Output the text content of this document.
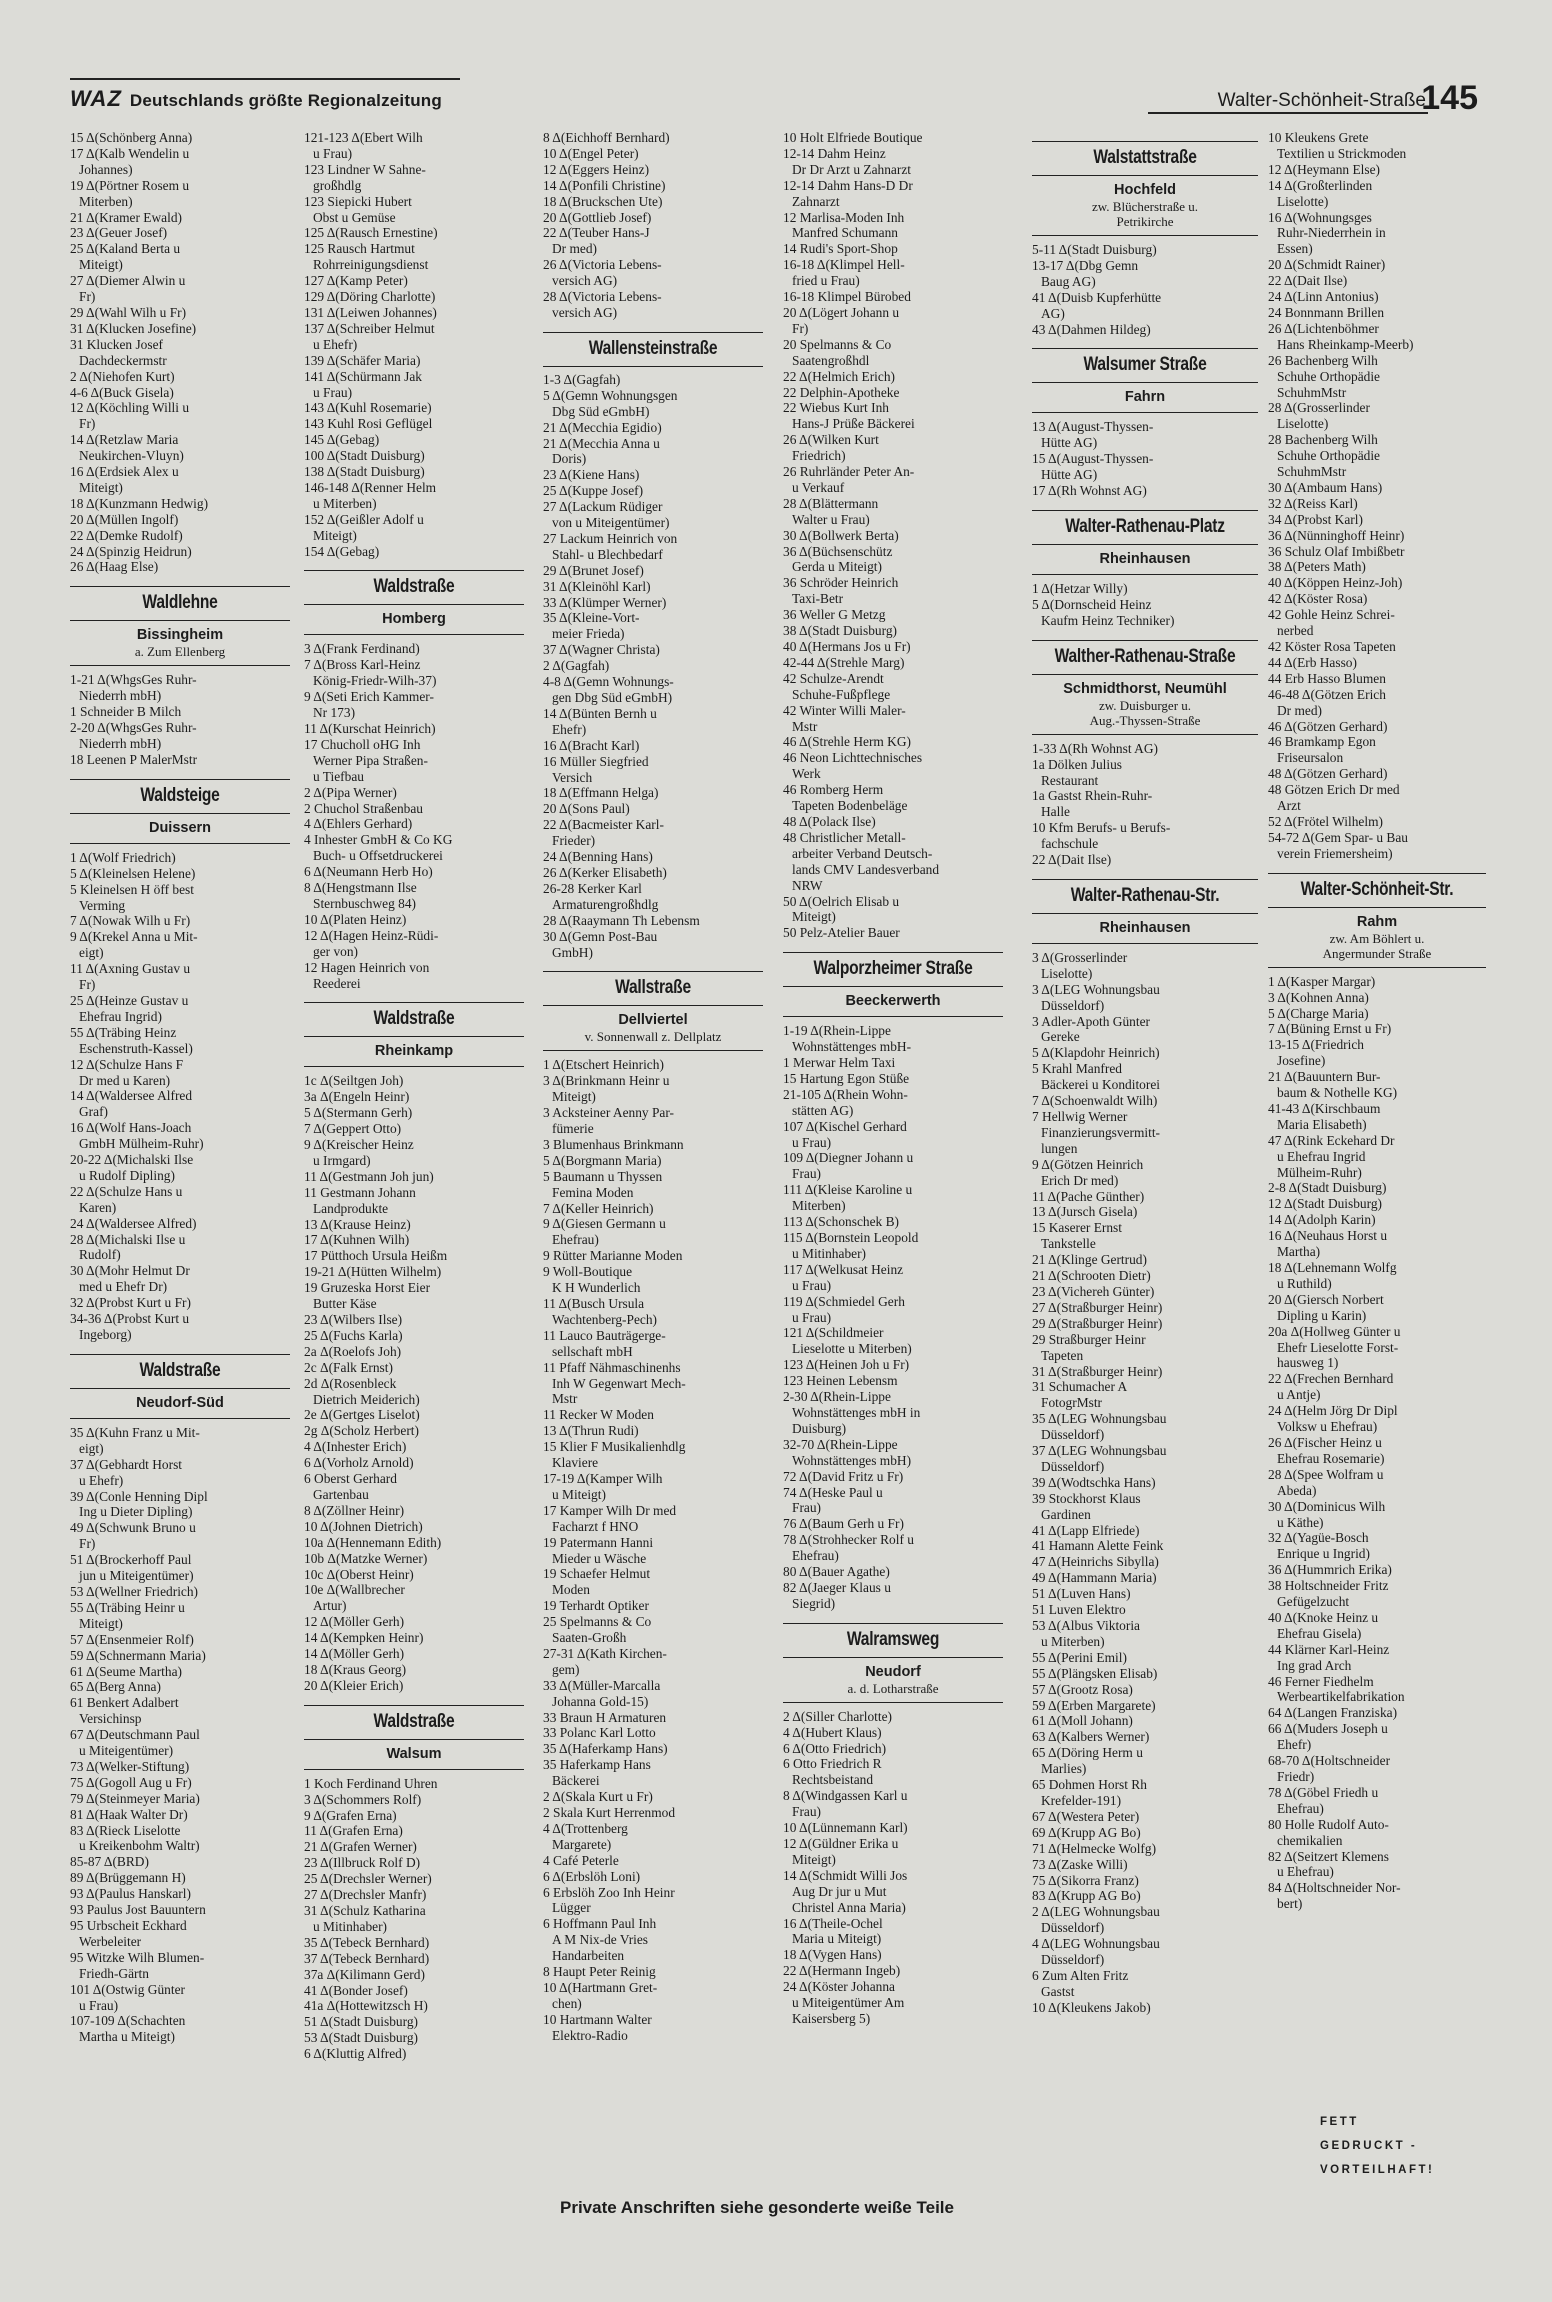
WAZ Deutschlands größte Regionalzeitung	Walter-Schönheit-Straße
145
15 Δ(Schönberg Anna)
17 Δ(Kalb Wendelin u
Johannes)
19 Δ(Pörtner Rosem u
Miterben)
21 Δ(Kramer Ewald)
23 Δ(Geuer Josef)
25 Δ(Kaland Berta u
Miteigt)
27 Δ(Diemer Alwin u
Fr)
29 Δ(Wahl Wilh u Fr)
31 Δ(Klucken Josefine)
31 Klucken Josef
Dachdeckermstr
2 Δ(Niehofen Kurt)
4-6 Δ(Buck Gisela)
12 Δ(Köchling Willi u
Fr)
14 Δ(Retzlaw Maria
Neukirchen-Vluyn)
16 Δ(Erdsiek Alex u
Miteigt)
18 Δ(Kunzmann Hedwig)
20 Δ(Müllen Ingolf)
22 Δ(Demke Rudolf)
24 Δ(Spinzig Heidrun)
26 Δ(Haag Else)
Waldlehne
Bissingheim
a. Zum Ellenberg
1-21 Δ(WhgsGes Ruhr-
Niederrh mbH)
1 Schneider B Milch
2-20 Δ(WhgsGes Ruhr-
Niederrh mbH)
18 Leenen P MalerMstr
Waldsteige
Duissern
1 Δ(Wolf Friedrich)
5 Δ(Kleinelsen Helene)
5 Kleinelsen H öff best
Verming
7 Δ(Nowak Wilh u Fr)
9 Δ(Krekel Anna u Mit-
eigt)
11 Δ(Axning Gustav u
Fr)
25 Δ(Heinze Gustav u
Ehefrau Ingrid)
55 Δ(Träbing Heinz
Eschenstruth-Kassel)
12 Δ(Schulze Hans F
Dr med u Karen)
14 Δ(Waldersee Alfred
Graf)
16 Δ(Wolf Hans-Joach
GmbH Mülheim-Ruhr)
20-22 Δ(Michalski Ilse
u Rudolf Dipling)
22 Δ(Schulze Hans u
Karen)
24 Δ(Waldersee Alfred)
28 Δ(Michalski Ilse u
Rudolf)
30 Δ(Mohr Helmut Dr
med u Ehefr Dr)
32 Δ(Probst Kurt u Fr)
34-36 Δ(Probst Kurt u
Ingeborg)
Waldstraße
Neudorf-Süd
35 Δ(Kuhn Franz u Mit-
eigt)
37 Δ(Gebhardt Horst
u Ehefr)
39 Δ(Conle Henning Dipl
Ing u Dieter Dipling)
49 Δ(Schwunk Bruno u
Fr)
51 Δ(Brockerhoff Paul
jun u Miteigentümer)
53 Δ(Wellner Friedrich)
55 Δ(Träbing Heinr u
Miteigt)
57 Δ(Ensenmeier Rolf)
59 Δ(Schnermann Maria)
61 Δ(Seume Martha)
65 Δ(Berg Anna)
61 Benkert Adalbert
Versichinsp
67 Δ(Deutschmann Paul
u Miteigentümer)
73 Δ(Welker-Stiftung)
75 Δ(Gogoll Aug u Fr)
79 Δ(Steinmeyer Maria)
81 Δ(Haak Walter Dr)
83 Δ(Rieck Liselotte
u Kreikenbohm Waltr)
85-87 Δ(BRD)
89 Δ(Brüggemann H)
93 Δ(Paulus Hanskarl)
93 Paulus Jost Bauuntern
95 Urbscheit Eckhard
Werbeleiter
95 Witzke Wilh Blumen-
Friedh-Gärtn
101 Δ(Ostwig Günter
u Frau)
107-109 Δ(Schachten
Martha u Miteigt)
121-123 Δ(Ebert Wilh
u Frau)
123 Lindner W Sahne-
großhdlg
123 Siepicki Hubert
Obst u Gemüse
125 Δ(Rausch Ernestine)
125 Rausch Hartmut
Rohrreinigungsdienst
127 Δ(Kamp Peter)
129 Δ(Döring Charlotte)
131 Δ(Leiwen Johannes)
137 Δ(Schreiber Helmut
u Ehefr)
139 Δ(Schäfer Maria)
141 Δ(Schürmann Jak
u Frau)
143 Δ(Kuhl Rosemarie)
143 Kuhl Rosi Geflügel
145 Δ(Gebag)
100 Δ(Stadt Duisburg)
138 Δ(Stadt Duisburg)
146-148 Δ(Renner Helm
u Miterben)
152 Δ(Geißler Adolf u
Miteigt)
154 Δ(Gebag)
Waldstraße
Homberg
3 Δ(Frank Ferdinand)
7 Δ(Bross Karl-Heinz
König-Friedr-Wilh-37)
9 Δ(Seti Erich Kammer-
Nr 173)
11 Δ(Kurschat Heinrich)
17 Chucholl oHG Inh
Werner Pipa Straßen-
u Tiefbau
2 Δ(Pipa Werner)
2 Chuchol Straßenbau
4 Δ(Ehlers Gerhard)
4 Inhester GmbH & Co KG
Buch- u Offsetdruckerei
6 Δ(Neumann Herb Ho)
8 Δ(Hengstmann Ilse
Sternbuschweg 84)
10 Δ(Platen Heinz)
12 Δ(Hagen Heinz-Rüdi-
ger von)
12 Hagen Heinrich von
Reederei
Waldstraße
Rheinkamp
1c Δ(Seiltgen Joh)
3a Δ(Engeln Heinr)
5 Δ(Stermann Gerh)
7 Δ(Geppert Otto)
9 Δ(Kreischer Heinz
u Irmgard)
11 Δ(Gestmann Joh jun)
11 Gestmann Johann
Landprodukte
13 Δ(Krause Heinz)
17 Δ(Kuhnen Wilh)
17 Pütthoch Ursula Heißm
19-21 Δ(Hütten Wilhelm)
19 Gruzeska Horst Eier
Butter Käse
23 Δ(Wilbers Ilse)
25 Δ(Fuchs Karla)
2a Δ(Roelofs Joh)
2c Δ(Falk Ernst)
2d Δ(Rosenbleck
Dietrich Meiderich)
2e Δ(Gertges Liselot)
2g Δ(Scholz Herbert)
4 Δ(Inhester Erich)
6 Δ(Vorholz Arnold)
6 Oberst Gerhard
Gartenbau
8 Δ(Zöllner Heinr)
10 Δ(Johnen Dietrich)
10a Δ(Hennemann Edith)
10b Δ(Matzke Werner)
10c Δ(Oberst Heinr)
10e Δ(Wallbrecher
Artur)
12 Δ(Möller Gerh)
14 Δ(Kempken Heinr)
14 Δ(Möller Gerh)
18 Δ(Kraus Georg)
20 Δ(Kleier Erich)
Waldstraße
Walsum
1 Koch Ferdinand Uhren
3 Δ(Schommers Rolf)
9 Δ(Grafen Erna)
11 Δ(Grafen Erna)
21 Δ(Grafen Werner)
23 Δ(Illbruck Rolf D)
25 Δ(Drechsler Werner)
27 Δ(Drechsler Manfr)
31 Δ(Schulz Katharina
u Mitinhaber)
35 Δ(Tebeck Bernhard)
37 Δ(Tebeck Bernhard)
37a Δ(Kilimann Gerd)
41 Δ(Bonder Josef)
41a Δ(Hottewitzsch H)
51 Δ(Stadt Duisburg)
53 Δ(Stadt Duisburg)
6 Δ(Kluttig Alfred)
8 Δ(Eichhoff Bernhard)
10 Δ(Engel Peter)
12 Δ(Eggers Heinz)
14 Δ(Ponfili Christine)
18 Δ(Bruckschen Ute)
20 Δ(Gottlieb Josef)
22 Δ(Teuber Hans-J
Dr med)
26 Δ(Victoria Lebens-
versich AG)
28 Δ(Victoria Lebens-
versich AG)
Wallensteinstraße
1-3 Δ(Gagfah)
5 Δ(Gemn Wohnungsgen
Dbg Süd eGmbH)
21 Δ(Mecchia Egidio)
21 Δ(Mecchia Anna u
Doris)
23 Δ(Kiene Hans)
25 Δ(Kuppe Josef)
27 Δ(Lackum Rüdiger
von u Miteigentümer)
27 Lackum Heinrich von
Stahl- u Blechbedarf
29 Δ(Brunet Josef)
31 Δ(Kleinöhl Karl)
33 Δ(Klümper Werner)
35 Δ(Kleine-Vort-
meier Frieda)
37 Δ(Wagner Christa)
2 Δ(Gagfah)
4-8 Δ(Gemn Wohnungs-
gen Dbg Süd eGmbH)
14 Δ(Bünten Bernh u
Ehefr)
16 Δ(Bracht Karl)
16 Müller Siegfried
Versich
18 Δ(Effmann Helga)
20 Δ(Sons Paul)
22 Δ(Bacmeister Karl-
Frieder)
24 Δ(Benning Hans)
26 Δ(Kerker Elisabeth)
26-28 Kerker Karl
Armaturengroßhdlg
28 Δ(Raaymann Th Lebensm
30 Δ(Gemn Post-Bau
GmbH)
Wallstraße
Dellviertel
v. Sonnenwall z. Dellplatz
1 Δ(Etschert Heinrich)
3 Δ(Brinkmann Heinr u
Miteigt)
3 Acksteiner Aenny Par-
fümerie
3 Blumenhaus Brinkmann
5 Δ(Borgmann Maria)
5 Baumann u Thyssen
Femina Moden
7 Δ(Keller Heinrich)
9 Δ(Giesen Germann u
Ehefrau)
9 Rütter Marianne Moden
9 Woll-Boutique
K H Wunderlich
11 Δ(Busch Ursula
Wachtenberg-Pech)
11 Lauco Bauträgerge-
sellschaft mbH
11 Pfaff Nähmaschinenhs
Inh W Gegenwart Mech-
Mstr
11 Recker W Moden
13 Δ(Thrun Rudi)
15 Klier F Musikalienhdlg
Klaviere
17-19 Δ(Kamper Wilh
u Miteigt)
17 Kamper Wilh Dr med
Facharzt f HNO
19 Patermann Hanni
Mieder u Wäsche
19 Schaefer Helmut
Moden
19 Terhardt Optiker
25 Spelmanns & Co
Saaten-Großh
27-31 Δ(Kath Kirchen-
gem)
33 Δ(Müller-Marcalla
Johanna Gold-15)
33 Braun H Armaturen
33 Polanc Karl Lotto
35 Δ(Haferkamp Hans)
35 Haferkamp Hans
Bäckerei
2 Δ(Skala Kurt u Fr)
2 Skala Kurt Herrenmod
4 Δ(Trottenberg
Margarete)
4 Café Peterle
6 Δ(Erbslöh Loni)
6 Erbslöh Zoo Inh Heinr
Lügger
6 Hoffmann Paul Inh
A M Nix-de Vries
Handarbeiten
8 Haupt Peter Reinig
10 Δ(Hartmann Gret-
chen)
10 Hartmann Walter
Elektro-Radio
10 Holt Elfriede Boutique
12-14 Dahm Heinz
Dr Dr Arzt u Zahnarzt
12-14 Dahm Hans-D Dr
Zahnarzt
12 Marlisa-Moden Inh
Manfred Schumann
14 Rudi's Sport-Shop
16-18 Δ(Klimpel Hell-
fried u Frau)
16-18 Klimpel Bürobed
20 Δ(Lögert Johann u
Fr)
20 Spelmanns & Co
Saatengroßhdl
22 Δ(Helmich Erich)
22 Delphin-Apotheke
22 Wiebus Kurt Inh
Hans-J Prüße Bäckerei
26 Δ(Wilken Kurt
Friedrich)
26 Ruhrländer Peter An-
u Verkauf
28 Δ(Blättermann
Walter u Frau)
30 Δ(Bollwerk Berta)
36 Δ(Büchsenschütz
Gerda u Miteigt)
36 Schröder Heinrich
Taxi-Betr
36 Weller G Metzg
38 Δ(Stadt Duisburg)
40 Δ(Hermans Jos u Fr)
42-44 Δ(Strehle Marg)
42 Schulze-Arendt
Schuhe-Fußpflege
42 Winter Willi Maler-
Mstr
46 Δ(Strehle Herm KG)
46 Neon Lichttechnisches
Werk
46 Romberg Herm
Tapeten Bodenbeläge
48 Δ(Polack Ilse)
48 Christlicher Metall-
arbeiter Verband Deutsch-
lands CMV Landesverband
NRW
50 Δ(Oelrich Elisab u
Miteigt)
50 Pelz-Atelier Bauer
Walporzheimer Straße
Beeckerwerth
1-19 Δ(Rhein-Lippe
Wohnstättenges mbH-
1 Merwar Helm Taxi
15 Hartung Egon Stüße
21-105 Δ(Rhein Wohn-
stätten AG)
107 Δ(Kischel Gerhard
u Frau)
109 Δ(Diegner Johann u
Frau)
111 Δ(Kleise Karoline u
Miterben)
113 Δ(Schonschek B)
115 Δ(Bornstein Leopold
u Mitinhaber)
117 Δ(Welkusat Heinz
u Frau)
119 Δ(Schmiedel Gerh
u Frau)
121 Δ(Schildmeier
Lieselotte u Miterben)
123 Δ(Heinen Joh u Fr)
123 Heinen Lebensm
2-30 Δ(Rhein-Lippe
Wohnstättenges mbH in
Duisburg)
32-70 Δ(Rhein-Lippe
Wohnstättenges mbH)
72 Δ(David Fritz u Fr)
74 Δ(Heske Paul u
Frau)
76 Δ(Baum Gerh u Fr)
78 Δ(Strohhecker Rolf u
Ehefrau)
80 Δ(Bauer Agathe)
82 Δ(Jaeger Klaus u
Siegrid)
Walramsweg
Neudorf
a. d. Lotharstraße
2 Δ(Siller Charlotte)
4 Δ(Hubert Klaus)
6 Δ(Otto Friedrich)
6 Otto Friedrich R
Rechtsbeistand
8 Δ(Windgassen Karl u
Frau)
10 Δ(Lünnemann Karl)
12 Δ(Güldner Erika u
Miteigt)
14 Δ(Schmidt Willi Jos
Aug Dr jur u Mut
Christel Anna Maria)
16 Δ(Theile-Ochel
Maria u Miteigt)
18 Δ(Vygen Hans)
22 Δ(Hermann Ingeb)
24 Δ(Köster Johanna
u Miteigentümer Am
Kaisersberg 5)
Walstattstraße
Hochfeld
zw. Blücherstraße u.
Petrikirche
5-11 Δ(Stadt Duisburg)
13-17 Δ(Dbg Gemn
Baug AG)
41 Δ(Duisb Kupferhütte
AG)
43 Δ(Dahmen Hildeg)
Walsumer Straße
Fahrn
13 Δ(August-Thyssen-
Hütte AG)
15 Δ(August-Thyssen-
Hütte AG)
17 Δ(Rh Wohnst AG)
Walter-Rathenau-Platz
Rheinhausen
1 Δ(Hetzar Willy)
5 Δ(Dornscheid Heinz
Kaufm Heinz Techniker)
Walther-Rathenau-Straße
Schmidthorst, Neumühl
zw. Duisburger u.
Aug.-Thyssen-Straße
1-33 Δ(Rh Wohnst AG)
1a Dölken Julius
Restaurant
1a Gastst Rhein-Ruhr-
Halle
10 Kfm Berufs- u Berufs-
fachschule
22 Δ(Dait Ilse)
Walter-Rathenau-Str.
Rheinhausen
3 Δ(Grosserlinder
Liselotte)
3 Δ(LEG Wohnungsbau
Düsseldorf)
3 Adler-Apoth Günter
Gereke
5 Δ(Klapdohr Heinrich)
5 Krahl Manfred
Bäckerei u Konditorei
7 Δ(Schoenwaldt Wilh)
7 Hellwig Werner
Finanzierungsvermitt-
lungen
9 Δ(Götzen Heinrich
Erich Dr med)
11 Δ(Pache Günther)
13 Δ(Jursch Gisela)
15 Kaserer Ernst
Tankstelle
21 Δ(Klinge Gertrud)
21 Δ(Schrooten Dietr)
23 Δ(Vichereh Günter)
27 Δ(Straßburger Heinr)
29 Δ(Straßburger Heinr)
29 Straßburger Heinr
Tapeten
31 Δ(Straßburger Heinr)
31 Schumacher A
FotogrMstr
35 Δ(LEG Wohnungsbau
Düsseldorf)
37 Δ(LEG Wohnungsbau
Düsseldorf)
39 Δ(Wodtschka Hans)
39 Stockhorst Klaus
Gardinen
41 Δ(Lapp Elfriede)
41 Hamann Alette Feink
47 Δ(Heinrichs Sibylla)
49 Δ(Hammann Maria)
51 Δ(Luven Hans)
51 Luven Elektro
53 Δ(Albus Viktoria
u Miterben)
55 Δ(Perini Emil)
55 Δ(Plängsken Elisab)
57 Δ(Grootz Rosa)
59 Δ(Erben Margarete)
61 Δ(Moll Johann)
63 Δ(Kalbers Werner)
65 Δ(Döring Herm u
Marlies)
65 Dohmen Horst Rh
Krefelder-191)
67 Δ(Westera Peter)
69 Δ(Krupp AG Bo)
71 Δ(Helmecke Wolfg)
73 Δ(Zaske Willi)
75 Δ(Sikorra Franz)
83 Δ(Krupp AG Bo)
2 Δ(LEG Wohnungsbau
Düsseldorf)
4 Δ(LEG Wohnungsbau
Düsseldorf)
6 Zum Alten Fritz
Gastst
10 Δ(Kleukens Jakob)
10 Kleukens Grete
Textilien u Strickmoden
12 Δ(Heymann Else)
14 Δ(Großterlinden
Liselotte)
16 Δ(Wohnungsges
Ruhr-Niederrhein in
Essen)
20 Δ(Schmidt Rainer)
22 Δ(Dait Ilse)
24 Δ(Linn Antonius)
24 Bonnmann Brillen
26 Δ(Lichtenböhmer
Hans Rheinkamp-Meerb)
26 Bachenberg Wilh
Schuhe Orthopädie
SchuhmMstr
28 Δ(Grosserlinder
Liselotte)
28 Bachenberg Wilh
Schuhe Orthopädie
SchuhmMstr
30 Δ(Ambaum Hans)
32 Δ(Reiss Karl)
34 Δ(Probst Karl)
36 Δ(Nünninghoff Heinr)
36 Schulz Olaf Imbißbetr
38 Δ(Peters Math)
40 Δ(Köppen Heinz-Joh)
42 Δ(Köster Rosa)
42 Gohle Heinz Schrei-
nerbed
42 Köster Rosa Tapeten
44 Δ(Erb Hasso)
44 Erb Hasso Blumen
46-48 Δ(Götzen Erich
Dr med)
46 Δ(Götzen Gerhard)
46 Bramkamp Egon
Friseursalon
48 Δ(Götzen Gerhard)
48 Götzen Erich Dr med
Arzt
52 Δ(Frötel Wilhelm)
54-72 Δ(Gem Spar- u Bau
verein Friemersheim)
Walter-Schönheit-Str.
Rahm
zw. Am Böhlert u.
Angermunder Straße
1 Δ(Kasper Margar)
3 Δ(Kohnen Anna)
5 Δ(Charge Maria)
7 Δ(Büning Ernst u Fr)
13-15 Δ(Friedrich
Josefine)
21 Δ(Bauuntern Bur-
baum & Nothelle KG)
41-43 Δ(Kirschbaum
Maria Elisabeth)
47 Δ(Rink Eckehard Dr
u Ehefrau Ingrid
Mülheim-Ruhr)
2-8 Δ(Stadt Duisburg)
12 Δ(Stadt Duisburg)
14 Δ(Adolph Karin)
16 Δ(Neuhaus Horst u
Martha)
18 Δ(Lehnemann Wolfg
u Ruthild)
20 Δ(Giersch Norbert
Dipling u Karin)
20a Δ(Hollweg Günter u
Ehefr Lieselotte Forst-
hausweg 1)
22 Δ(Frechen Bernhard
u Antje)
24 Δ(Helm Jörg Dr Dipl
Volksw u Ehefrau)
26 Δ(Fischer Heinz u
Ehefrau Rosemarie)
28 Δ(Spee Wolfram u
Abeda)
30 Δ(Dominicus Wilh
u Käthe)
32 Δ(Yagüe-Bosch
Enrique u Ingrid)
36 Δ(Hummrich Erika)
38 Holtschneider Fritz
Gefügelzucht
40 Δ(Knoke Heinz u
Ehefrau Gisela)
44 Klärner Karl-Heinz
Ing grad Arch
46 Ferner Fiedhelm
Werbeartikelfabrikation
64 Δ(Langen Franziska)
66 Δ(Muders Joseph u
Ehefr)
68-70 Δ(Holtschneider
Friedr)
78 Δ(Göbel Friedh u
Ehefrau)
80 Holle Rudolf Auto-
chemikalien
82 Δ(Seitzert Klemens
u Ehefrau)
84 Δ(Holtschneider Nor-
bert)
FETT
GEDRUCKT -
VORTEILHAFT!
Private Anschriften siehe gesonderte weiße Teile
